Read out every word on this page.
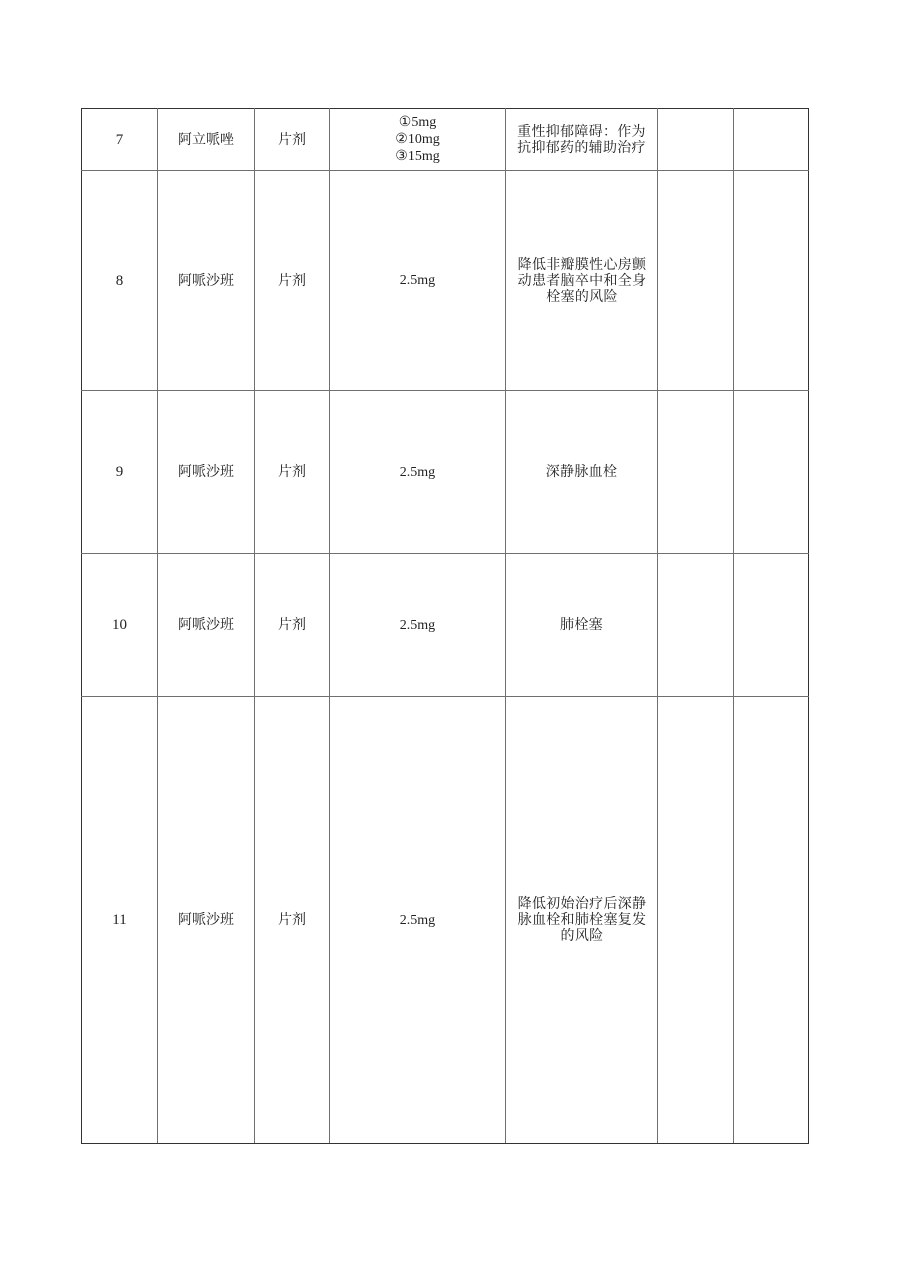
7	阿立哌唑	片剂	①5mg
②10mg
③15mg	重性抑郁障碍：作为抗抑郁药的辅助治疗		
8	阿哌沙班	片剂	2.5mg	降低非瓣膜性心房颤动患者脑卒中和全身栓塞的风险		
9	阿哌沙班	片剂	2.5mg	深静脉血栓		
10	阿哌沙班	片剂	2.5mg	肺栓塞		
11	阿哌沙班	片剂	2.5mg	降低初始治疗后深静脉血栓和肺栓塞复发的风险		
